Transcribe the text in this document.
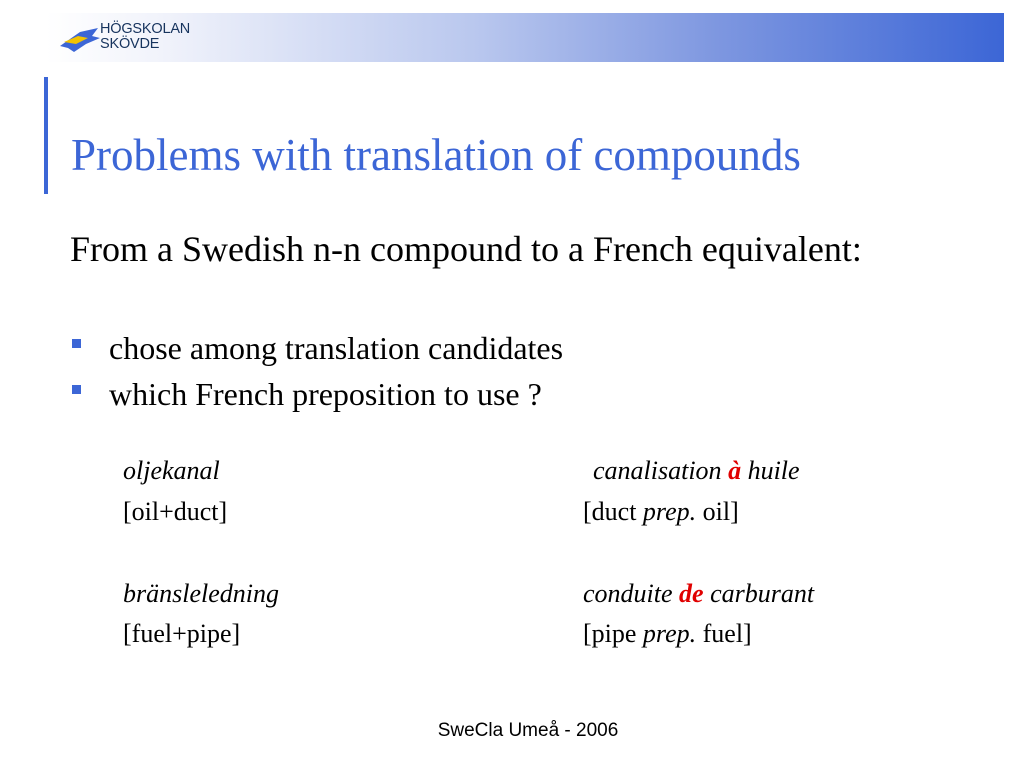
HÖGSKOLAN
SKÖVDE
Problems with translation of compounds
From a Swedish n-n compound to a French equivalent:
chose among translation candidates
which French preposition to use ?
oljekanal
[oil+duct]
canalisation à huile
[duct prep. oil]
bränsleledning
[fuel+pipe]
conduite de carburant
[pipe prep. fuel]
SweCla Umeå - 2006
